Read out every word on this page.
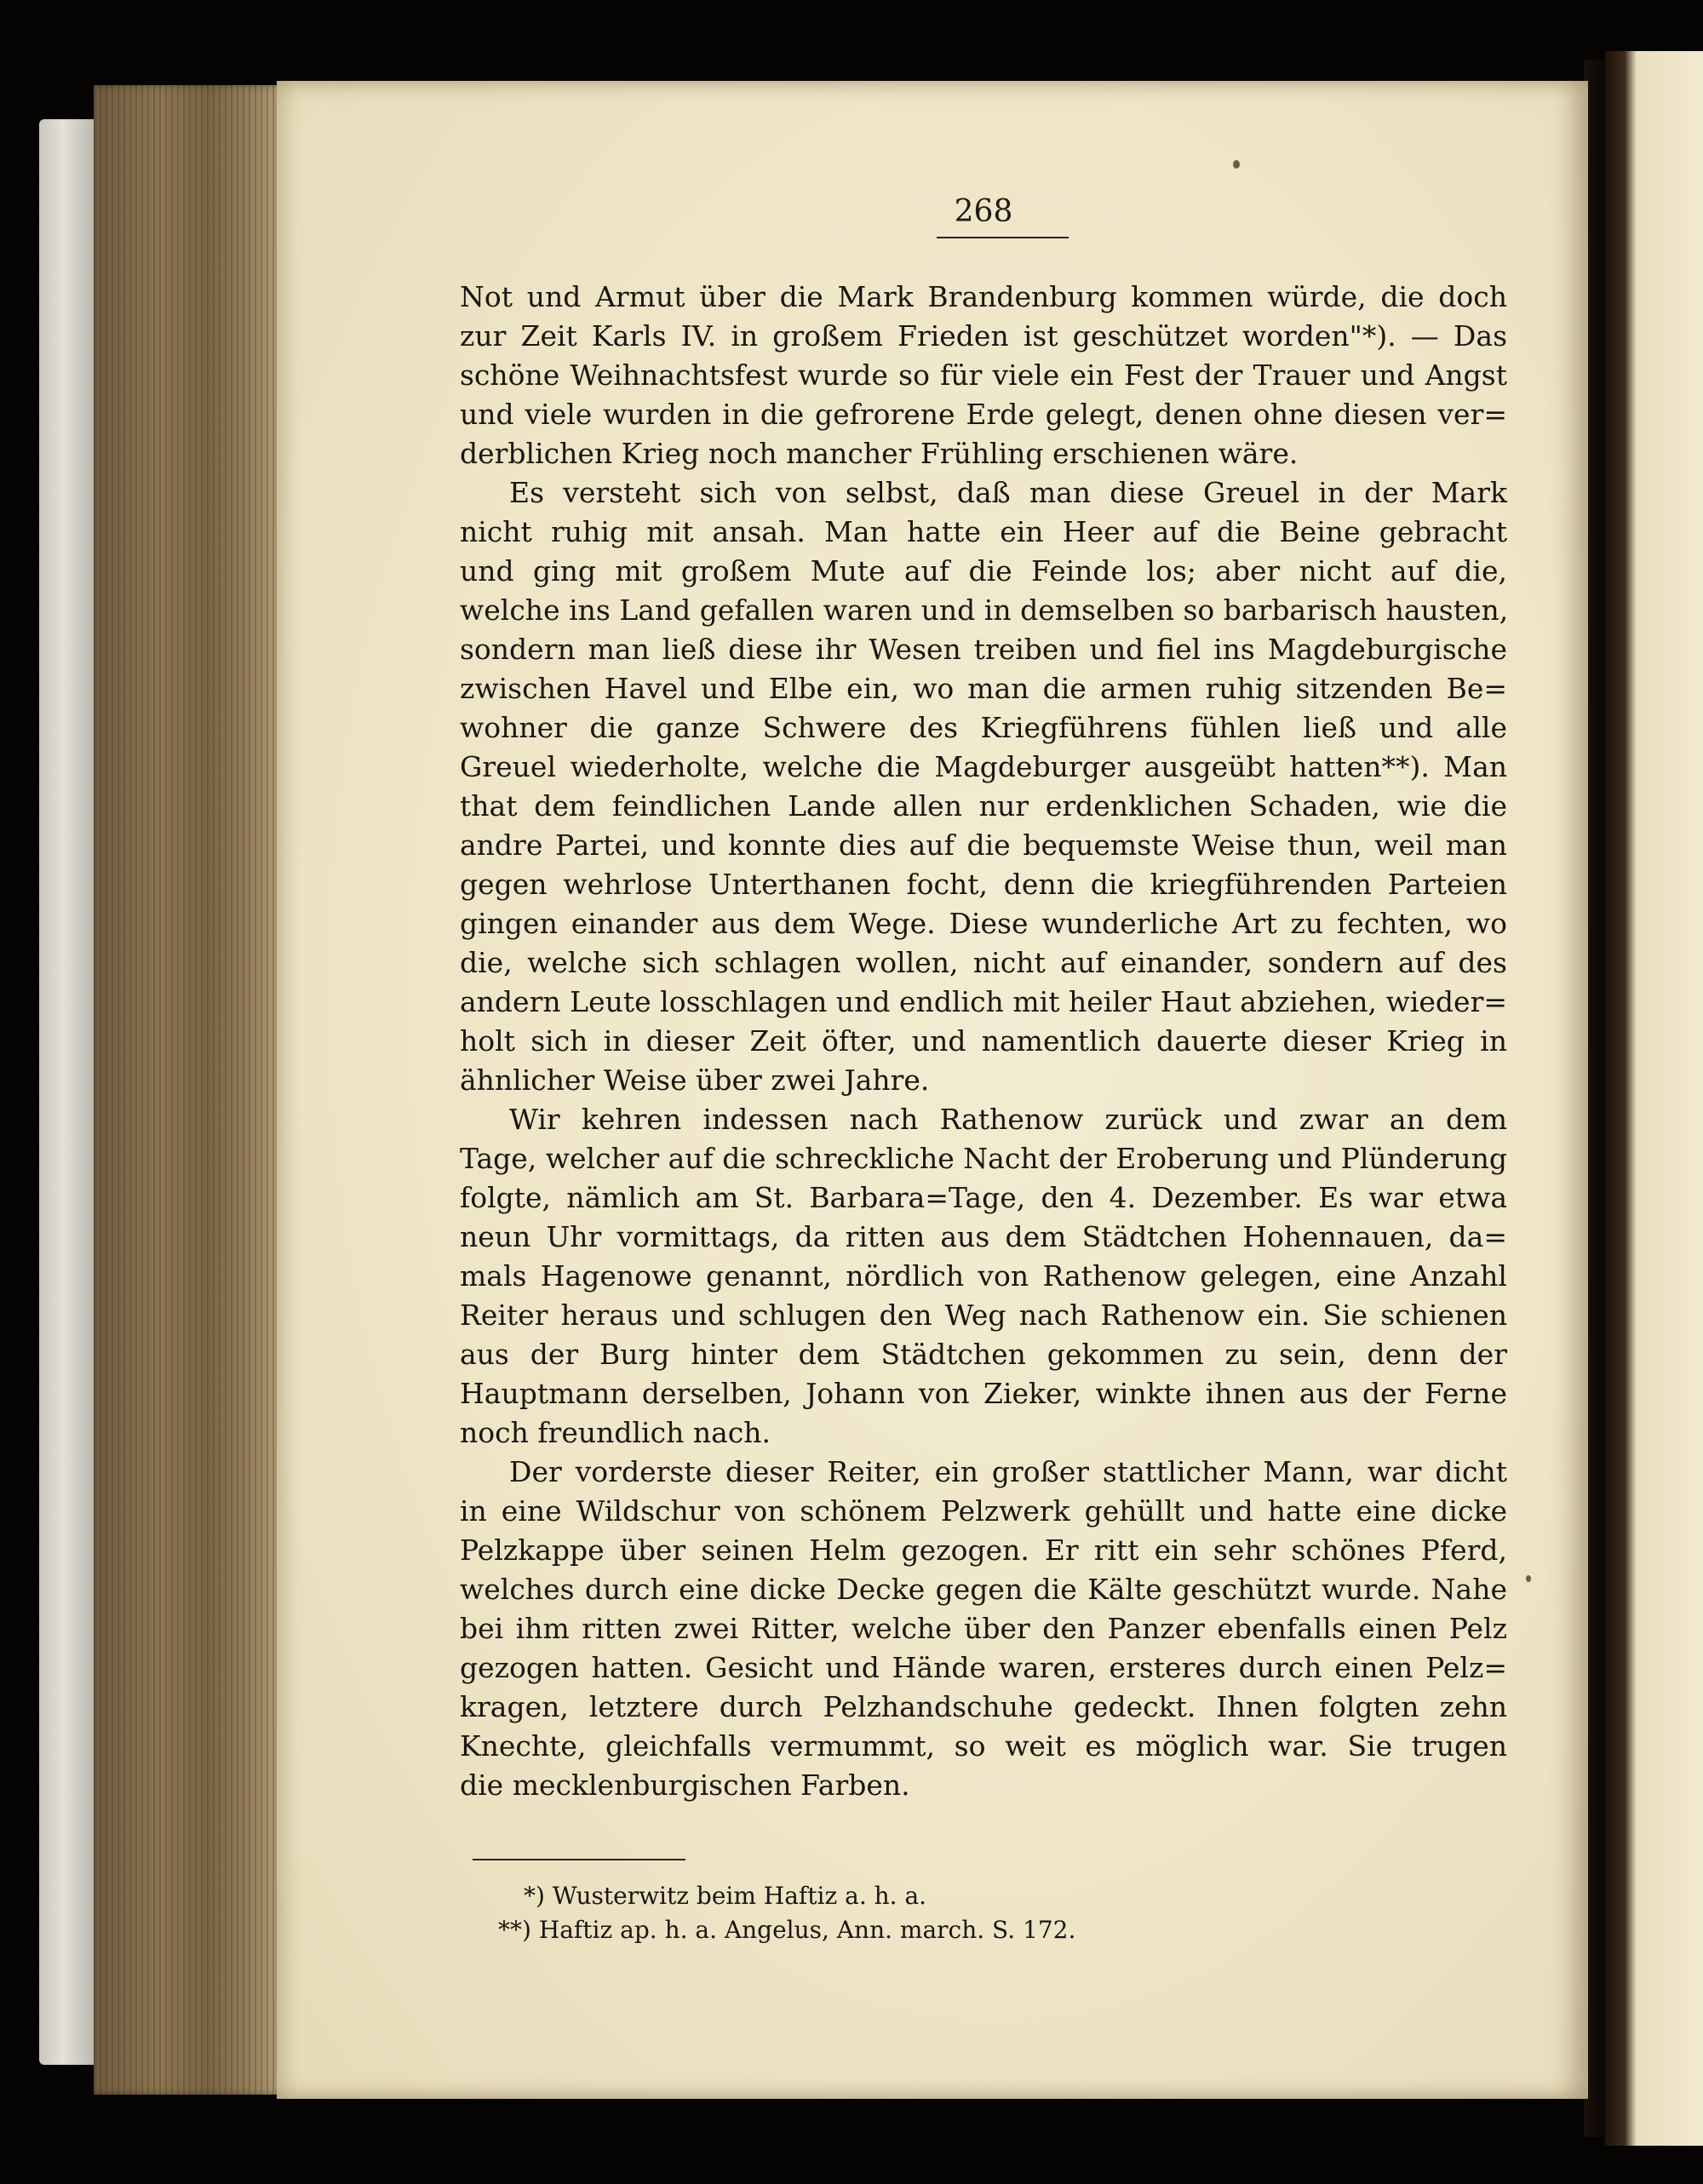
268
Not und Armut über die Mark Brandenburg kommen würde, die doch
zur Zeit Karls IV. in großem Frieden ist geschützet worden"*). — Das
schöne Weihnachtsfest wurde so für viele ein Fest der Trauer und Angst
und viele wurden in die gefrorene Erde gelegt, denen ohne diesen ver=
derblichen Krieg noch mancher Frühling erschienen wäre.
Es versteht sich von selbst, daß man diese Greuel in der Mark
nicht ruhig mit ansah. Man hatte ein Heer auf die Beine gebracht
und ging mit großem Mute auf die Feinde los; aber nicht auf die,
welche ins Land gefallen waren und in demselben so barbarisch hausten,
sondern man ließ diese ihr Wesen treiben und fiel ins Magdeburgische
zwischen Havel und Elbe ein, wo man die armen ruhig sitzenden Be=
wohner die ganze Schwere des Kriegführens fühlen ließ und alle
Greuel wiederholte, welche die Magdeburger ausgeübt hatten**). Man
that dem feindlichen Lande allen nur erdenklichen Schaden, wie die
andre Partei, und konnte dies auf die bequemste Weise thun, weil man
gegen wehrlose Unterthanen focht, denn die kriegführenden Parteien
gingen einander aus dem Wege. Diese wunderliche Art zu fechten, wo
die, welche sich schlagen wollen, nicht auf einander, sondern auf des
andern Leute losschlagen und endlich mit heiler Haut abziehen, wieder=
holt sich in dieser Zeit öfter, und namentlich dauerte dieser Krieg in
ähnlicher Weise über zwei Jahre.
Wir kehren indessen nach Rathenow zurück und zwar an dem
Tage, welcher auf die schreckliche Nacht der Eroberung und Plünderung
folgte, nämlich am St. Barbara=Tage, den 4. Dezember. Es war etwa
neun Uhr vormittags, da ritten aus dem Städtchen Hohennauen, da=
mals Hagenowe genannt, nördlich von Rathenow gelegen, eine Anzahl
Reiter heraus und schlugen den Weg nach Rathenow ein. Sie schienen
aus der Burg hinter dem Städtchen gekommen zu sein, denn der
Hauptmann derselben, Johann von Zieker, winkte ihnen aus der Ferne
noch freundlich nach.
Der vorderste dieser Reiter, ein großer stattlicher Mann, war dicht
in eine Wildschur von schönem Pelzwerk gehüllt und hatte eine dicke
Pelzkappe über seinen Helm gezogen. Er ritt ein sehr schönes Pferd,
welches durch eine dicke Decke gegen die Kälte geschützt wurde. Nahe
bei ihm ritten zwei Ritter, welche über den Panzer ebenfalls einen Pelz
gezogen hatten. Gesicht und Hände waren, ersteres durch einen Pelz=
kragen, letztere durch Pelzhandschuhe gedeckt. Ihnen folgten zehn
Knechte, gleichfalls vermummt, so weit es möglich war. Sie trugen
die mecklenburgischen Farben.
*) Wusterwitz beim Haftiz a. h. a.
**) Haftiz ap. h. a. Angelus, Ann. march. S. 172.
